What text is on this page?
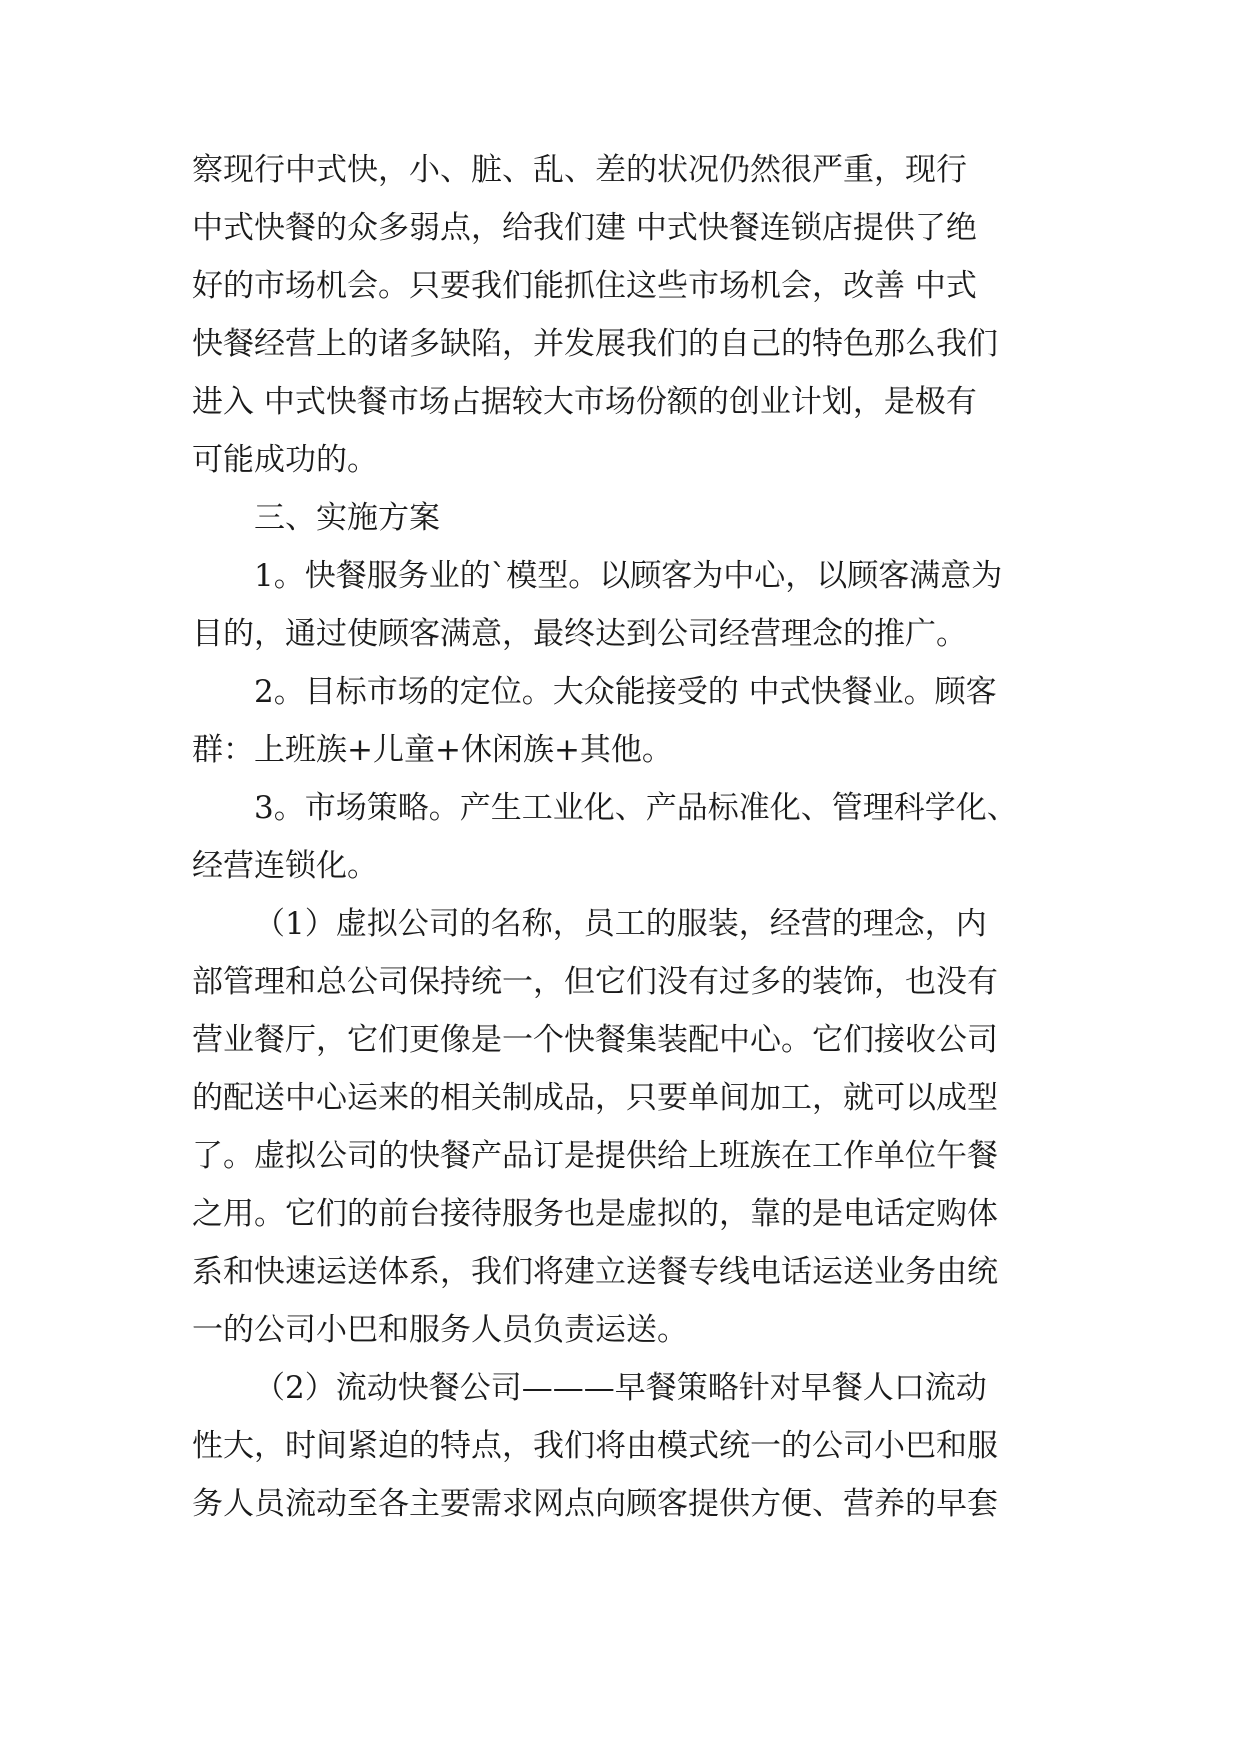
察现行中式快，小、脏、乱、差的状况仍然很严重，现行
中式快餐的众多弱点，给我们建 中式快餐连锁店提供了绝
好的市场机会。只要我们能抓住这些市场机会，改善 中式
快餐经营上的诸多缺陷，并发展我们的自己的特色那么我们
进入 中式快餐市场占据较大市场份额的创业计划，是极有
可能成功的。
三、实施方案
1。快餐服务业的`模型。以顾客为中心，以顾客满意为
目的，通过使顾客满意，最终达到公司经营理念的推广。
2。目标市场的定位。大众能接受的 中式快餐业。顾客
群：上班族+儿童+休闲族+其他。
3。市场策略。产生工业化、产品标准化、管理科学化、
经营连锁化。
（1）虚拟公司的名称，员工的服装，经营的理念，内
部管理和总公司保持统一，但它们没有过多的装饰，也没有
营业餐厅，它们更像是一个快餐集装配中心。它们接收公司
的配送中心运来的相关制成品，只要单间加工，就可以成型
了。虚拟公司的快餐产品订是提供给上班族在工作单位午餐
之用。它们的前台接待服务也是虚拟的，靠的是电话定购体
系和快速运送体系，我们将建立送餐专线电话运送业务由统
一的公司小巴和服务人员负责运送。
（2）流动快餐公司———早餐策略针对早餐人口流动
性大，时间紧迫的特点，我们将由模式统一的公司小巴和服
务人员流动至各主要需求网点向顾客提供方便、营养的早套
